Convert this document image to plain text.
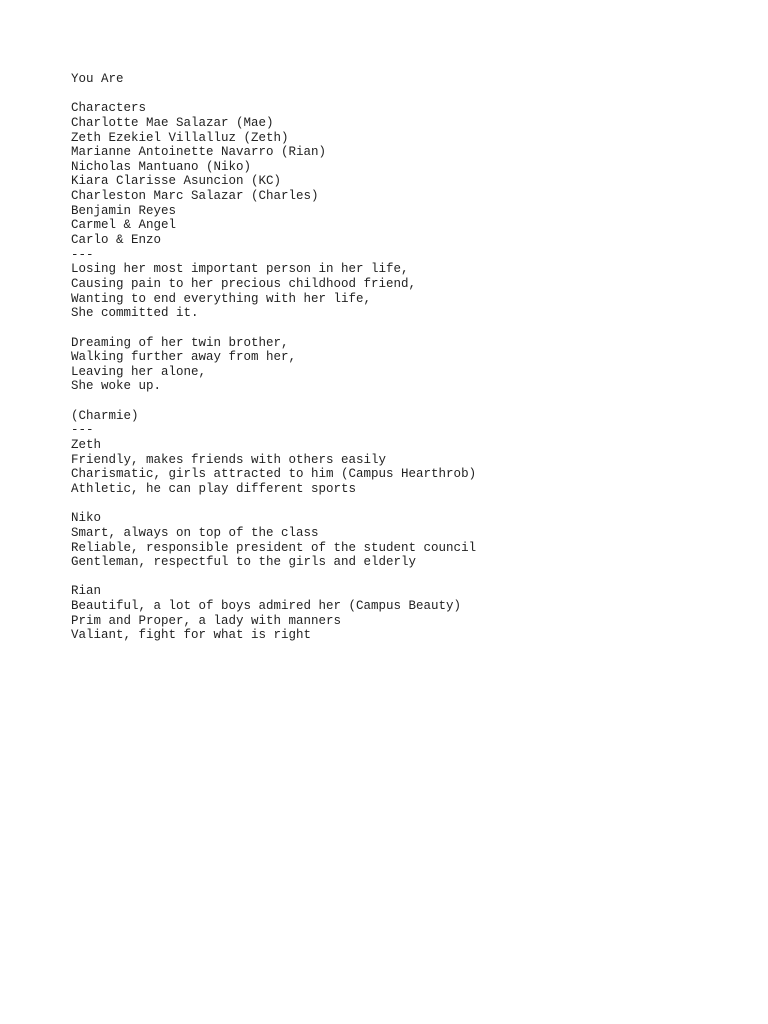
You Are
Characters
Charlotte Mae Salazar (Mae)
Zeth Ezekiel Villalluz (Zeth)
Marianne Antoinette Navarro (Rian)
Nicholas Mantuano (Niko)
Kiara Clarisse Asuncion (KC)
Charleston Marc Salazar (Charles)
Benjamin Reyes
Carmel & Angel
Carlo & Enzo
---
Losing her most important person in her life,
Causing pain to her precious childhood friend,
Wanting to end everything with her life,
She committed it.
Dreaming of her twin brother,
Walking further away from her,
Leaving her alone,
She woke up.
(Charmie)
---
Zeth
Friendly, makes friends with others easily
Charismatic, girls attracted to him (Campus Hearthrob)
Athletic, he can play different sports
Niko
Smart, always on top of the class
Reliable, responsible president of the student council
Gentleman, respectful to the girls and elderly
Rian
Beautiful, a lot of boys admired her (Campus Beauty)
Prim and Proper, a lady with manners
Valiant, fight for what is right
